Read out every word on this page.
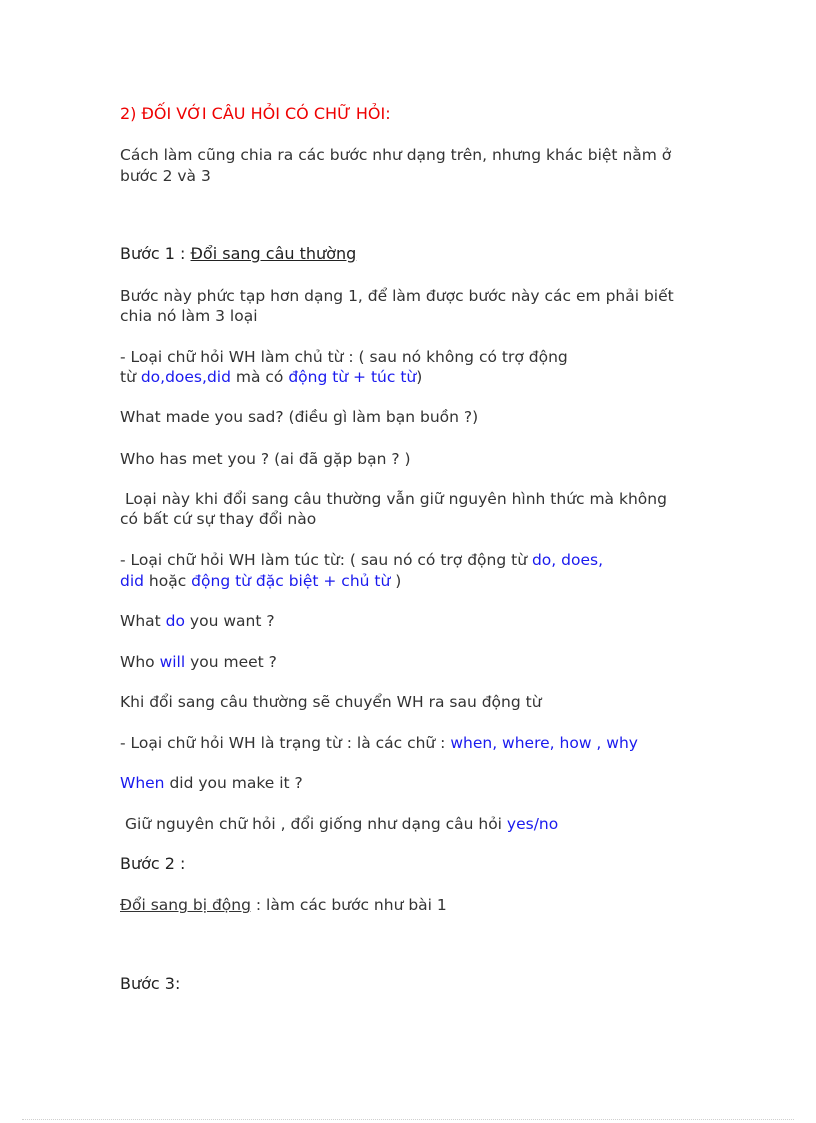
2) ĐỐI VỚI CÂU HỎI CÓ CHỮ HỎI:
Cách làm cũng chia ra các bước như dạng trên, nhưng khác biệt nằm ở
bước 2 và 3
Bước 1 : Đổi sang câu thường
Bước này phức tạp hơn dạng 1, để làm được bước này các em phải biết
chia nó làm 3 loại
- Loại chữ hỏi WH làm chủ từ : ( sau nó không có trợ động
từ do,does,did mà có động từ + túc từ)
What made you sad? (điều gì làm bạn buồn ?)
Who has met you ? (ai đã gặp bạn ? )
Loại này khi đổi sang câu thường vẫn giữ nguyên hình thức mà không
có bất cứ sự thay đổi nào
- Loại chữ hỏi WH làm túc từ: ( sau nó có trợ động từ do, does,
did hoặc động từ đặc biệt + chủ từ )
What do you want ?
Who will you meet ?
Khi đổi sang câu thường sẽ chuyển WH ra sau động từ
- Loại chữ hỏi WH là trạng từ : là các chữ : when, where, how , why
When did you make it ?
Giữ nguyên chữ hỏi , đổi giống như dạng câu hỏi yes/no
Bước 2 :
Đổi sang bị động : làm các bước như bài 1
Bước 3:
